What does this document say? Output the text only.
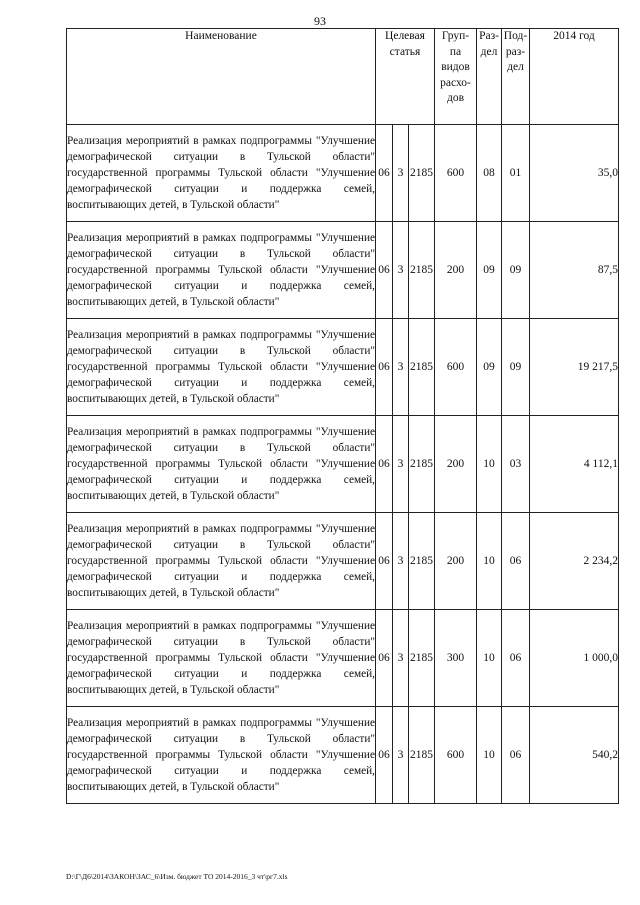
93
Наименование	Целевая статья			Груп-па видов расхо-дов	Раз-дел	Под-раз-дел	2014 год
Реализация мероприятий в рамках подпрограммы "Улучшение демографической ситуации в Тульской области" государственной программы Тульской области "Улучшение демографической ситуации и поддержка семей, воспитывающих детей, в Тульской области"	06	3	2185	600	08	01	35,0
Реализация мероприятий в рамках подпрограммы "Улучшение демографической ситуации в Тульской области" государственной программы Тульской области "Улучшение демографической ситуации и поддержка семей, воспитывающих детей, в Тульской области"	06	3	2185	200	09	09	87,5
Реализация мероприятий в рамках подпрограммы "Улучшение демографической ситуации в Тульской области" государственной программы Тульской области "Улучшение демографической ситуации и поддержка семей, воспитывающих детей, в Тульской области"	06	3	2185	600	09	09	19 217,5
Реализация мероприятий в рамках подпрограммы "Улучшение демографической ситуации в Тульской области" государственной программы Тульской области "Улучшение демографической ситуации и поддержка семей, воспитывающих детей, в Тульской области"	06	3	2185	200	10	03	4 112,1
Реализация мероприятий в рамках подпрограммы "Улучшение демографической ситуации в Тульской области" государственной программы Тульской области "Улучшение демографической ситуации и поддержка семей, воспитывающих детей, в Тульской области"	06	3	2185	200	10	06	2 234,2
Реализация мероприятий в рамках подпрограммы "Улучшение демографической ситуации в Тульской области" государственной программы Тульской области "Улучшение демографической ситуации и поддержка семей, воспитывающих детей, в Тульской области"	06	3	2185	300	10	06	1 000,0
Реализация мероприятий в рамках подпрограммы "Улучшение демографической ситуации в Тульской области" государственной программы Тульской области "Улучшение демографической ситуации и поддержка семей, воспитывающих детей, в Тульской области"	06	3	2185	600	10	06	540,2
D:\Г\Д6\2014\ЗАКОН\ЗАС_6\Изм. бюджет ТО 2014-2016_3 чт\рг7.xls
